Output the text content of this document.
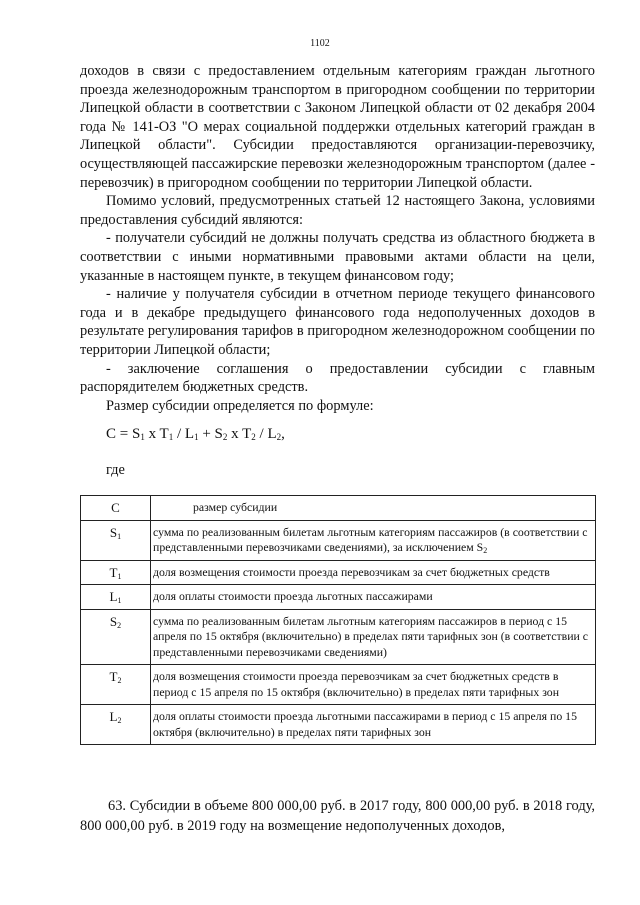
1102

доходов в связи с предоставлением отдельным категориям граждан льготного проезда железнодорожным транспортом в пригородном сообщении по территории Липецкой области в соответствии с Законом Липецкой области от 02 декабря 2004 года № 141-ОЗ "О мерах социальной поддержки отдельных категорий граждан в Липецкой области". Субсидии предоставляются организации-перевозчику, осуществляющей пассажирские перевозки железнодорожным транспортом (далее - перевозчик) в пригородном сообщении по территории Липецкой области.

Помимо условий, предусмотренных статьей 12 настоящего Закона, условиями предоставления субсидий являются:

- получатели субсидий не должны получать средства из областного бюджета в соответствии с иными нормативными правовыми актами области на цели, указанные в настоящем пункте, в текущем финансовом году;

- наличие у получателя субсидии в отчетном периоде текущего финансового года и в декабре предыдущего финансового года недополученных доходов в результате регулирования тарифов в пригородном железнодорожном сообщении по территории Липецкой области;

- заключение соглашения о предоставлении субсидии с главным распорядителем бюджетных средств.

Размер субсидии определяется по формуле:

$C = S_1$ x $T_1 / L_1 + S_2$ x $T_2 / L_2$,
где
C	размер субсидии
$S_1$	сумма по реализованным билетам льготным категориям пассажиров (в соответствии с представленными перевозчиками сведениями), за исключением $S_2$
$T_1$	доля возмещения стоимости проезда перевозчикам за счет бюджетных средств
$L_1$	доля оплаты стоимости проезда льготных пассажирами
$S_2$	сумма по реализованным билетам льготным категориям пассажиров в период с 15 апреля по 15 октября (включительно) в пределах пяти тарифных зон (в соответствии с представленными перевозчиками сведениями)
$T_2$	доля возмещения стоимости проезда перевозчикам за счет бюджетных средств в период с 15 апреля по 15 октября (включительно) в пределах пяти тарифных зон
$L_2$	доля оплаты стоимости проезда льготными пассажирами в период с 15 апреля по 15 октября (включительно) в пределах пяти тарифных зон
63. Субсидии в объеме 800 000,00 руб. в 2017 году, 800 000,00 руб. в 2018 году, 800 000,00 руб. в 2019 году на возмещение недополученных доходов,
